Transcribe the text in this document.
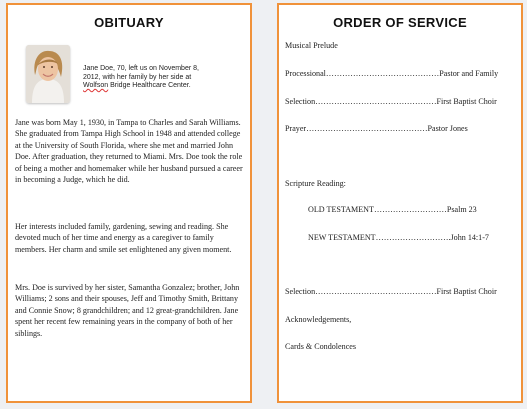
OBITUARY
Jane Doe, 70, left us on November 8,
2012, with her family by her side at
Wolfson Bridge Healthcare Center.
Jane was born May 1, 1930, in Tampa to Charles and Sarah Williams. She graduated from Tampa High School in 1948 and attended college at the University of South Florida, where she met and married John Doe. After graduation, they returned to Miami. Mrs. Doe took the role of being a mother and homemaker while her husband pursued a career in becoming a Judge, which he did.
Her interests included family, gardening, sewing and reading. She devoted much of her time and energy as a caregiver to family members. Her charm and smile set enlightened any given moment.
Mrs. Doe is survived by her sister, Samantha Gonzalez; brother, John Williams; 2 sons and their spouses, Jeff and Timothy Smith, Brittany and Connie Snow; 8 grandchildren; and 12 great-grandchildren. Jane spent her recent few remaining years in the company of both of her siblings.
ORDER OF SERVICE
Musical Prelude
Processional……………………………………Pastor and Family
Selection………………………………………First Baptist Choir
Prayer………………………………………Pastor Jones
Scripture Reading:
OLD TESTAMENT………………………Psalm 23
NEW TESTAMENT……………………….John 14:1-7
Selection………………………………………First Baptist Choir
Acknowledgements,
Cards & Condolences
